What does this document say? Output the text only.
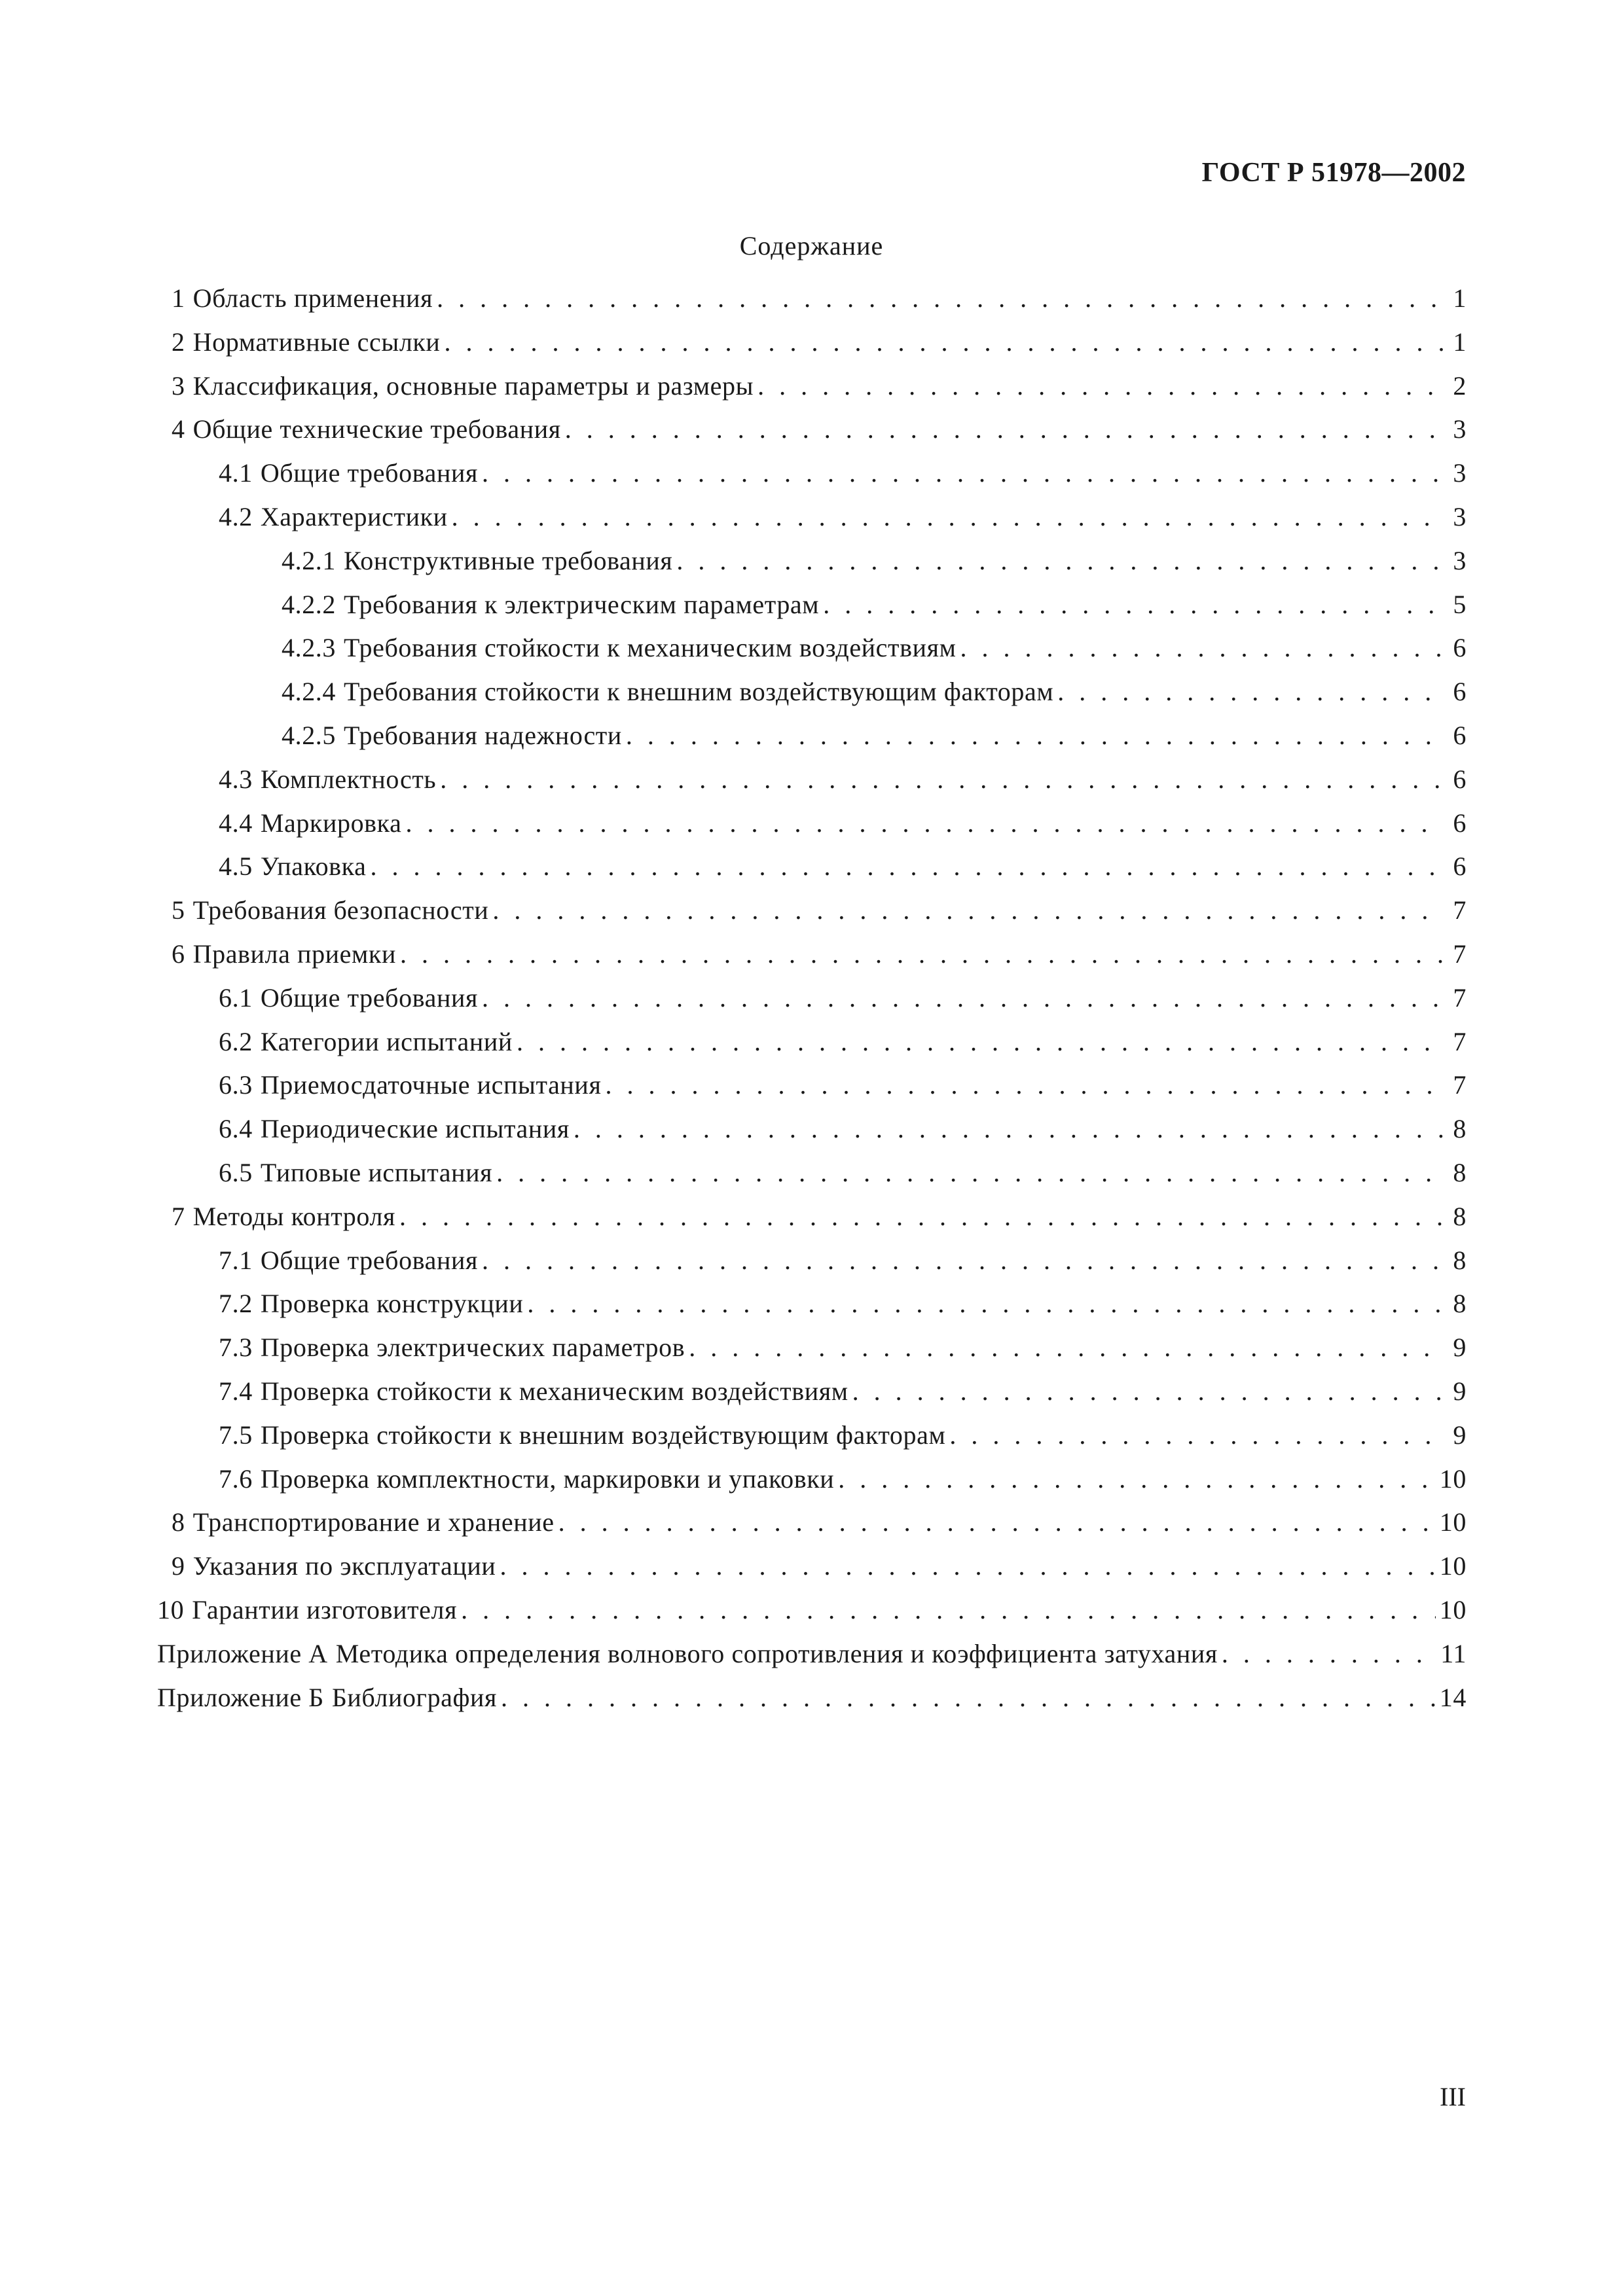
ГОСТ Р 51978—2002
Содержание
1 Область применения . . .	1
2 Нормативные ссылки . . .	1
3 Классификация, основные параметры и размеры . . .	2
4 Общие технические требования . . .	3
4.1 Общие требования . . .	3
4.2 Характеристики . . .	3
4.2.1 Конструктивные требования . . .	3
4.2.2 Требования к электрическим параметрам . . .	5
4.2.3 Требования стойкости к механическим воздействиям . . .	6
4.2.4 Требования стойкости к внешним воздействующим факторам . . .	6
4.2.5 Требования надежности . . .	6
4.3 Комплектность . . .	6
4.4 Маркировка . . .	6
4.5 Упаковка . . .	6
5 Требования безопасности . . .	7
6 Правила приемки . . .	7
6.1 Общие требования . . .	7
6.2 Категории испытаний . . .	7
6.3 Приемосдаточные испытания . . .	7
6.4 Периодические испытания . . .	8
6.5 Типовые испытания . . .	8
7 Методы контроля . . .	8
7.1 Общие требования . . .	8
7.2 Проверка конструкции . . .	8
7.3 Проверка электрических параметров . . .	9
7.4 Проверка стойкости к механическим воздействиям . . .	9
7.5 Проверка стойкости к внешним воздействующим факторам . . .	9
7.6 Проверка комплектности, маркировки и упаковки . . .	10
8 Транспортирование и хранение . . .	10
9 Указания по эксплуатации . . .	10
10 Гарантии изготовителя . . .	10
Приложение А Методика определения волнового сопротивления и коэффициента затухания . . .	11
Приложение Б Библиография . . .	14
III
